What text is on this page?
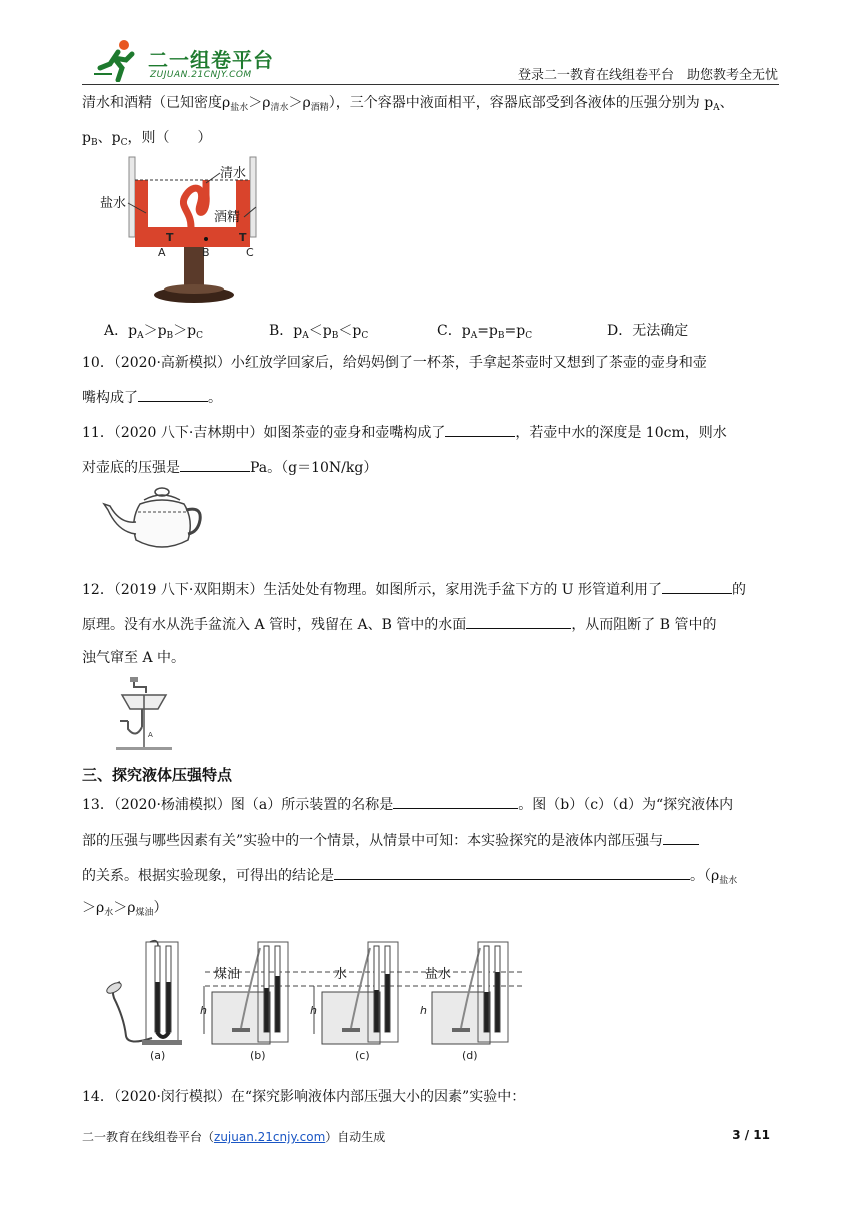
二一组卷平台
ZUJUAN.21CNJY.COM	登录二一教育在线组卷平台　助您教考全无忧
清水和酒精（已知密度$\rho_{盐水}>\rho_{清水}>\rho_{酒精}$），三个容器中液面相平，容器底部受到各液体的压强分别为 $p_A$、
$p_B$、$p_C$，则（　　）
T	T
清水
盐水
酒精
A	B	C
A．$p_A>p_B>p_C$	B．$p_A<p_B<p_C$	C．$p_A=p_B=p_C$	D．无法确定
10．（2020·高新模拟）小红放学回家后，给妈妈倒了一杯茶，手拿起茶壶时又想到了茶壶的壶身和壶
嘴构成了	。
11．（2020 八下·吉林期中）如图茶壶的壶身和壶嘴构成了	，若壶中水的深度是 10cm，则水
对壶底的压强是	Pa。（g＝10N/kg）
12．（2019 八下·双阳期末）生活处处有物理。如图所示，家用洗手盆下方的 U 形管道利用了	的
原理。没有水从洗手盆流入 A 管时，残留在 A、B 管中的水面	，从而阻断了 B 管中的
浊气窜至 A 中。
A
三、探究液体压强特点
13．（2020·杨浦模拟）图（a）所示装置的名称是	。图（b）（c）（d）为“探究液体内
部的压强与哪些因素有关”实验中的一个情景，从情景中可知：本实验探究的是液体内部压强与
的关系。根据实验现象，可得出的结论是	。（$\rho_{盐水}$
$>\rho_水>\rho_{煤油}$）
煤油	水	盐水
h	h	h
(a)	(b)	(c)	(d)
14．（2020·闵行模拟）在“探究影响液体内部压强大小的因素”实验中：
二一教育在线组卷平台（zujuan.21cnjy.com）自动生成	3 / 11
